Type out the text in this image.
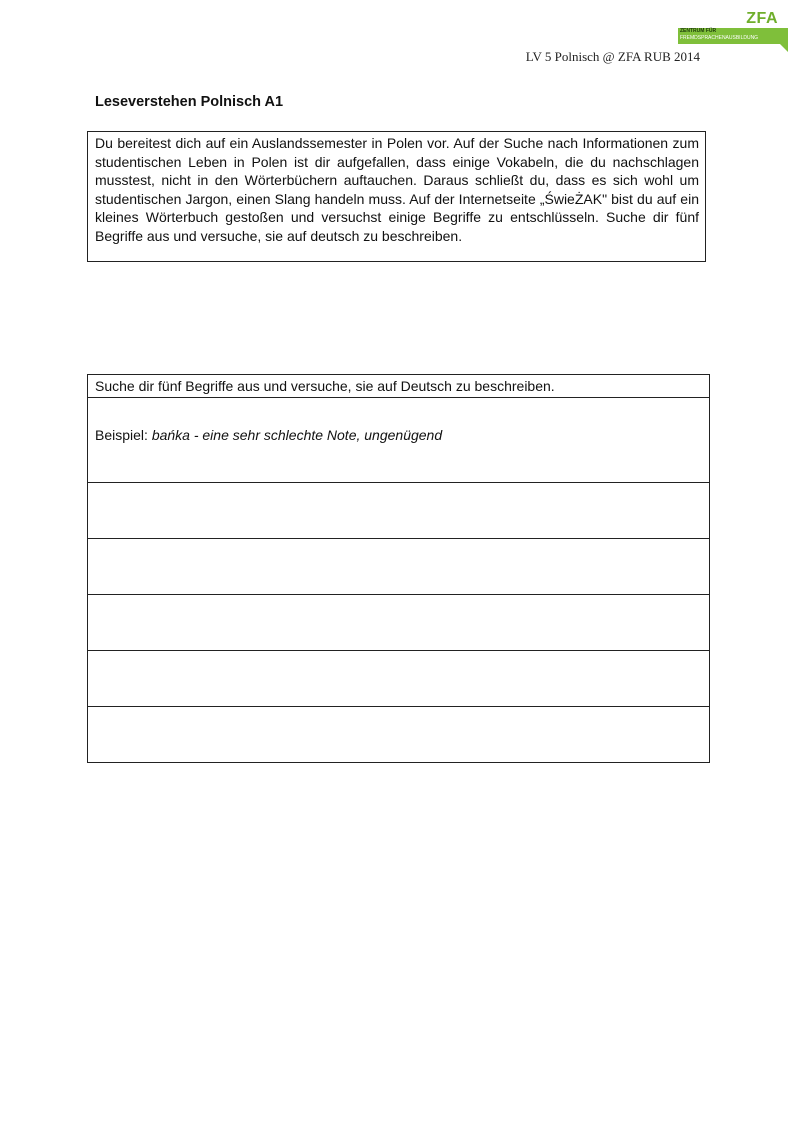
ZFA
ZENTRUM FÜR
FREMDSPRACHENAUSBILDUNG
LV 5 Polnisch @ ZFA RUB 2014
Leseverstehen Polnisch A1
Du bereitest dich auf ein Auslandssemester in Polen vor. Auf der Suche nach Informationen zum studentischen Leben in Polen ist dir aufgefallen, dass einige Vokabeln, die du nachschlagen musstest, nicht in den Wörterbüchern auftauchen. Daraus schließt du, dass es sich wohl um studentischen Jargon, einen Slang handeln muss. Auf der Internetseite „ŚwieŻAK" bist du auf ein kleines Wörterbuch gestoßen und versuchst einige Begriffe zu entschlüsseln. Suche dir fünf Begriffe aus und versuche, sie auf deutsch zu beschreiben.
Suche dir fünf Begriffe aus und versuche, sie auf Deutsch zu beschreiben.

Beispiel: bańka - eine sehr schlechte Note, ungenügend
